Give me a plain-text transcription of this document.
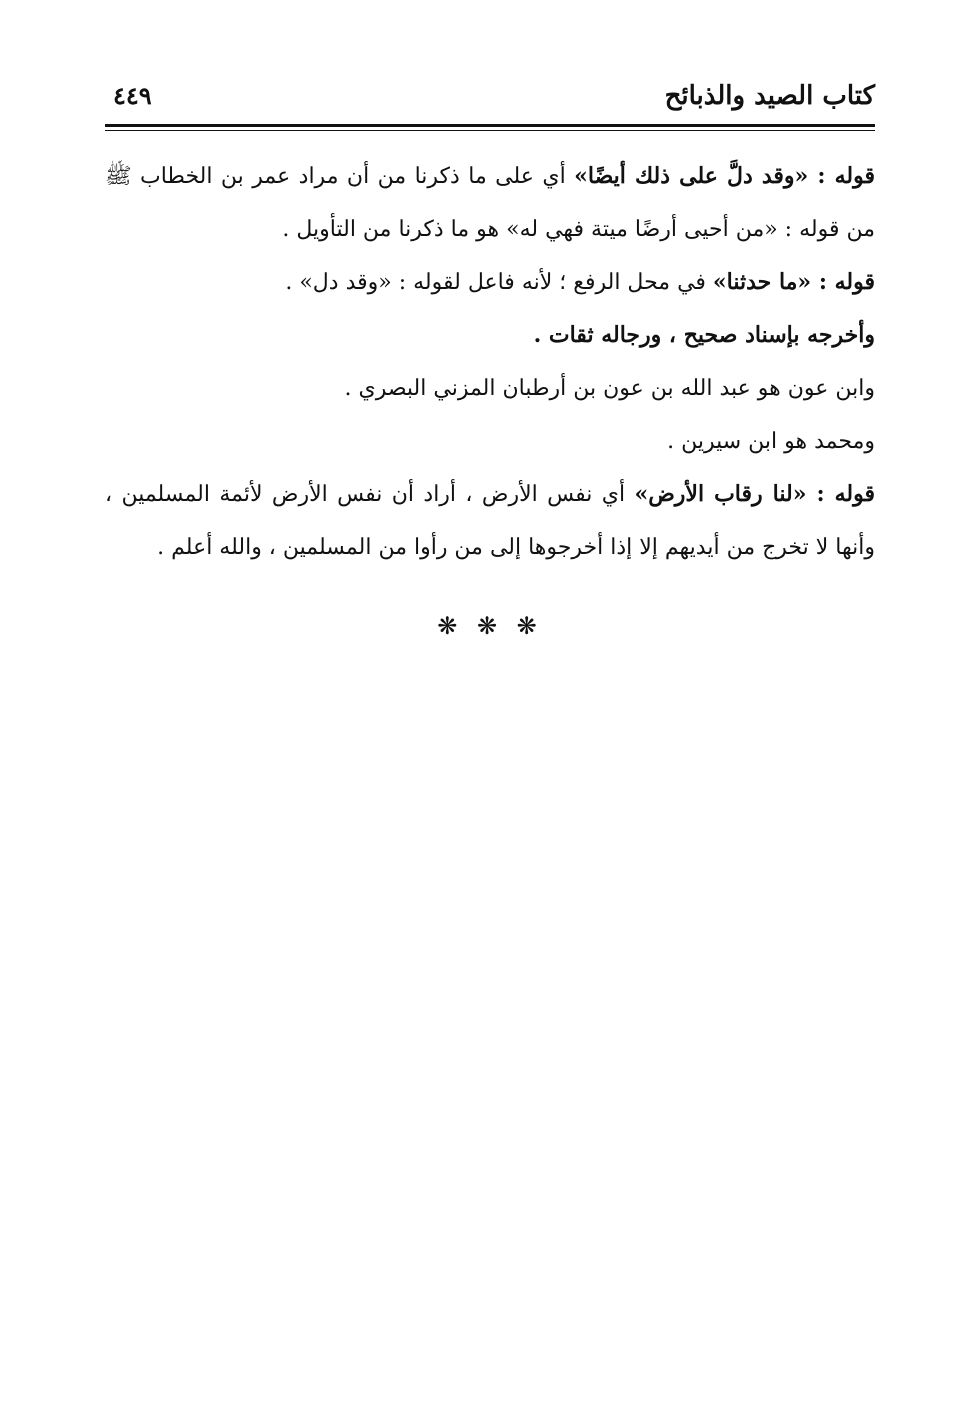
كتاب الصيد والذبائح
٤٤٩

قوله : «وقد دلَّ على ذلك أيضًا» أي على ما ذكرنا من أن مراد عمر بن الخطاب ﷺ من قوله : «من أحيى أرضًا ميتة فهي له» هو ما ذكرنا من التأويل .

قوله : «ما حدثنا» في محل الرفع ؛ لأنه فاعل لقوله : «وقد دل» .

وأخرجه بإسناد صحيح ، ورجاله ثقات .

وابن عون هو عبد الله بن عون بن أرطبان المزني البصري .

ومحمد هو ابن سيرين .

قوله : «لنا رقاب الأرض» أي نفس الأرض ، أراد أن نفس الأرض لأئمة المسلمين ، وأنها لا تخرج من أيديهم إلا إذا أخرجوها إلى من رأوا من المسلمين ، والله أعلم .

❋ ❋ ❋
